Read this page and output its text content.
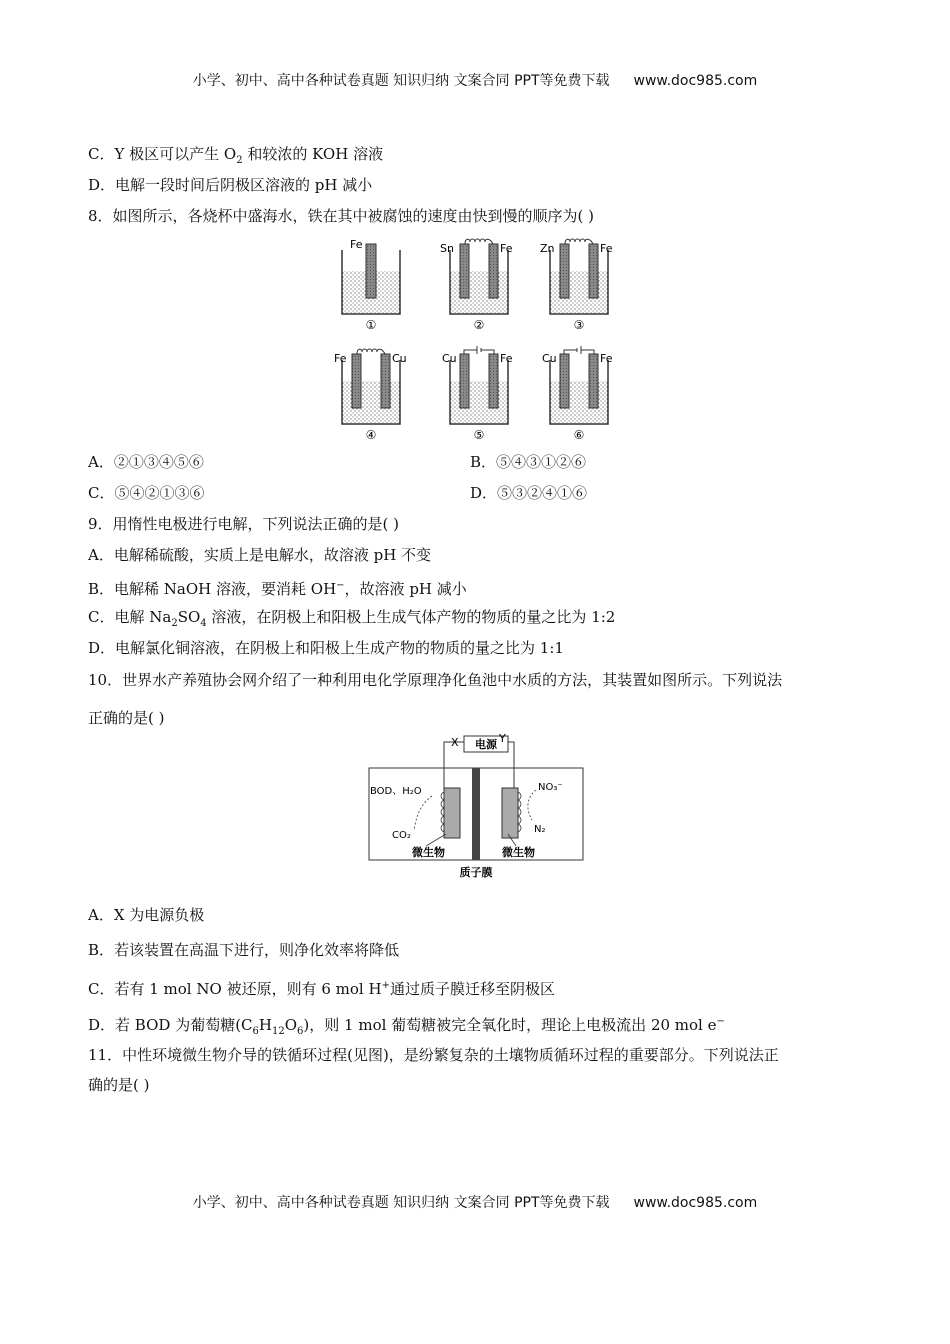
小学、初中、高中各种试卷真题 知识归纳 文案合同 PPT等免费下载 www.doc985.com
C．Y 极区可以产生 $O_2$ 和较浓的 KOH 溶液
D．电解一段时间后阴极区溶液的 pH 减小
8．如图所示，各烧杯中盛海水，铁在其中被腐蚀的速度由快到慢的顺序为( )
Fe
①
Sn	Fe
②
Zn	Fe
③
Fe	Cu
④
Cu	Fe
⑤
Cu	Fe
⑥
A．②①③④⑤⑥	B．⑤④③①②⑥
C．⑤④②①③⑥	D．⑤③②④①⑥
9．用惰性电极进行电解，下列说法正确的是( )
A．电解稀硫酸，实质上是电解水，故溶液 pH 不变
B．电解稀 NaOH 溶液，要消耗 OH−，故溶液 pH 减小
C．电解 $Na_2SO_4$ 溶液，在阴极上和阳极上生成气体产物的物质的量之比为 1:2
D．电解氯化铜溶液，在阴极上和阳极上生成产物的物质的量之比为 1:1
10．世界水产养殖协会网介绍了一种利用电化学原理净化鱼池中水质的方法，其装置如图所示。下列说法
正确的是( )
电源
X	Y
BOD、H₂O
CO₂
NO₃⁻
N₂
微生物	微生物
质子膜
A．X 为电源负极
B．若该装置在高温下进行，则净化效率将降低
C．若有 1 mol NO 被还原，则有 6 mol H+通过质子膜迁移至阴极区
D．若 BOD 为葡萄糖$(C_6H_{12}O_6)$，则 1 mol 葡萄糖被完全氧化时，理论上电极流出 20 mol e−
11．中性环境微生物介导的铁循环过程(见图)，是纷繁复杂的土壤物质循环过程的重要部分。下列说法正
确的是( )
小学、初中、高中各种试卷真题 知识归纳 文案合同 PPT等免费下载 www.doc985.com
